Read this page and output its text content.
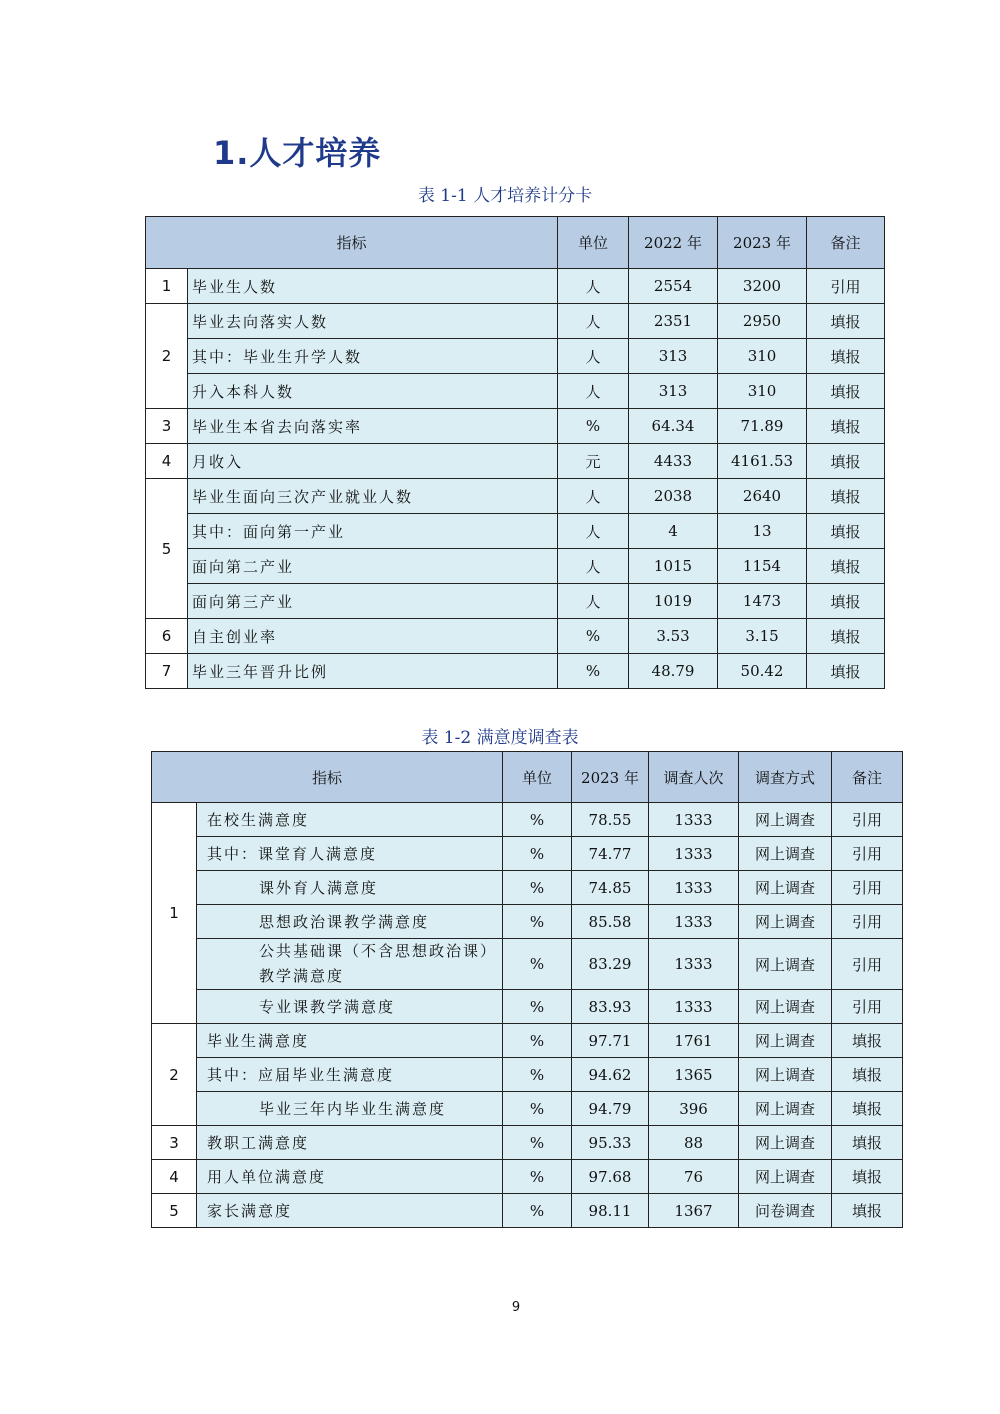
1.人才培养
表 1-1 人才培养计分卡
指标		单位	2022 年	2023 年	备注
1	毕业生人数	人	2554	3200	引用
2	毕业去向落实人数	人	2351	2950	填报
	其中：毕业生升学人数	人	313	310	填报
	升入本科人数	人	313	310	填报
3	毕业生本省去向落实率	%	64.34	71.89	填报
4	月收入	元	4433	4161.53	填报
5	毕业生面向三次产业就业人数	人	2038	2640	填报
	其中：面向第一产业	人	4	13	填报
	面向第二产业	人	1015	1154	填报
	面向第三产业	人	1019	1473	填报
6	自主创业率	%	3.53	3.15	填报
7	毕业三年晋升比例	%	48.79	50.42	填报
表 1-2 满意度调查表
指标		单位	2023 年	调查人次	调查方式	备注
1	在校生满意度	%	78.55	1333	网上调查	引用
	其中：课堂育人满意度	%	74.77	1333	网上调查	引用
	课外育人满意度	%	74.85	1333	网上调查	引用
	思想政治课教学满意度	%	85.58	1333	网上调查	引用
	公共基础课（不含思想政治课）教学满意度	%	83.29	1333	网上调查	引用
	专业课教学满意度	%	83.93	1333	网上调查	引用
2	毕业生满意度	%	97.71	1761	网上调查	填报
	其中：应届毕业生满意度	%	94.62	1365	网上调查	填报
	毕业三年内毕业生满意度	%	94.79	396	网上调查	填报
3	教职工满意度	%	95.33	88	网上调查	填报
4	用人单位满意度	%	97.68	76	网上调查	填报
5	家长满意度	%	98.11	1367	问卷调查	填报
9
